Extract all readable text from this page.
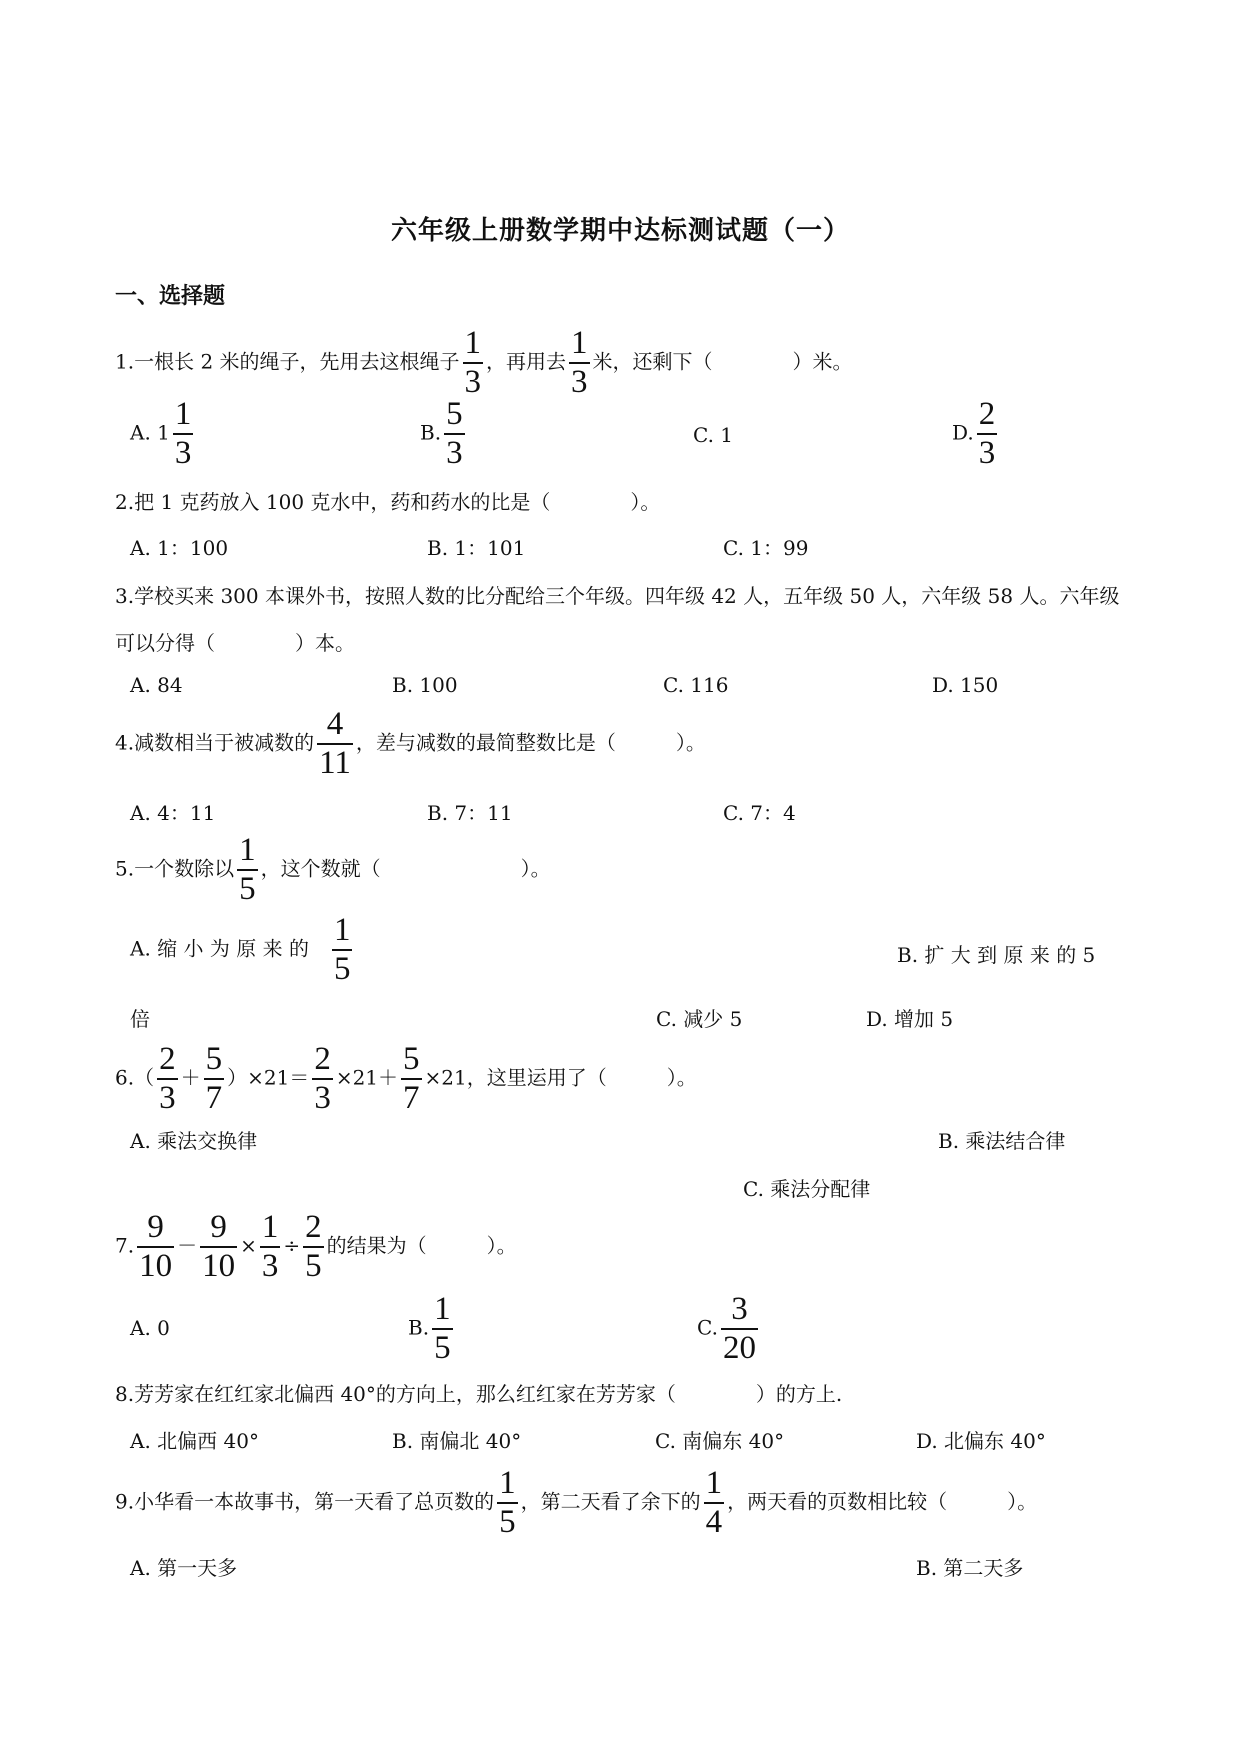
六年级上册数学期中达标测试题（一）
一、选择题
1.一根长 2 米的绳子，先用去这根绳子 $\frac{1}{3}$ ，再用去 $\frac{1}{3}$ 米，还剩下（　　　　）米。
A. $1 \frac{1}{3}$	B. $\frac{5}{3}$	C. 1	D. $\frac{2}{3}$
2.把 1 克药放入 100 克水中，药和药水的比是（　　　　）。
A. 1：100	B. 1：101	C. 1：99
3.学校买来 300 本课外书，按照人数的比分配给三个年级。四年级 42 人，五年级 50 人，六年级 58 人。六年级
可以分得（　　　　）本。
A. 84	B. 100	C. 116	D. 150
4.减数相当于被减数的 $\frac{4}{11}$ ，差与减数的最简整数比是（　　　）。
A. 4：11	B. 7：11	C. 7：4
5.一个数除以 $\frac{1}{5}$ ，这个数就（　　　　　　　）。
A. 缩 小 为 原 来 的 $\frac{1}{5}$	B. 扩 大 到 原 来 的 5
倍	C. 减少 5	D. 增加 5
$6.( \frac{2}{3} + \frac{5}{7} )\times 21= \frac{2}{3} \times 21+ \frac{5}{7} \times 21$，这里运用了（　　　）。
A. 乘法交换律	B. 乘法结合律
C. 乘法分配律
7. $\frac{9}{10} - \frac{9}{10} \times \frac{1}{3} \div \frac{2}{5}$ 的结果为（　　　）。
A. 0	B. $\frac{1}{5}$	C. $\frac{3}{20}$
8.芳芳家在红红家北偏西 40°的方向上，那么红红家在芳芳家（　　　　）的方上.
A. 北偏西 40°	B. 南偏北 40°	C. 南偏东 40°	D. 北偏东 40°
9.小华看一本故事书，第一天看了总页数的 $\frac{1}{5}$ ，第二天看了余下的 $\frac{1}{4}$ ，两天看的页数相比较（　　　）。
A. 第一天多	B. 第二天多
